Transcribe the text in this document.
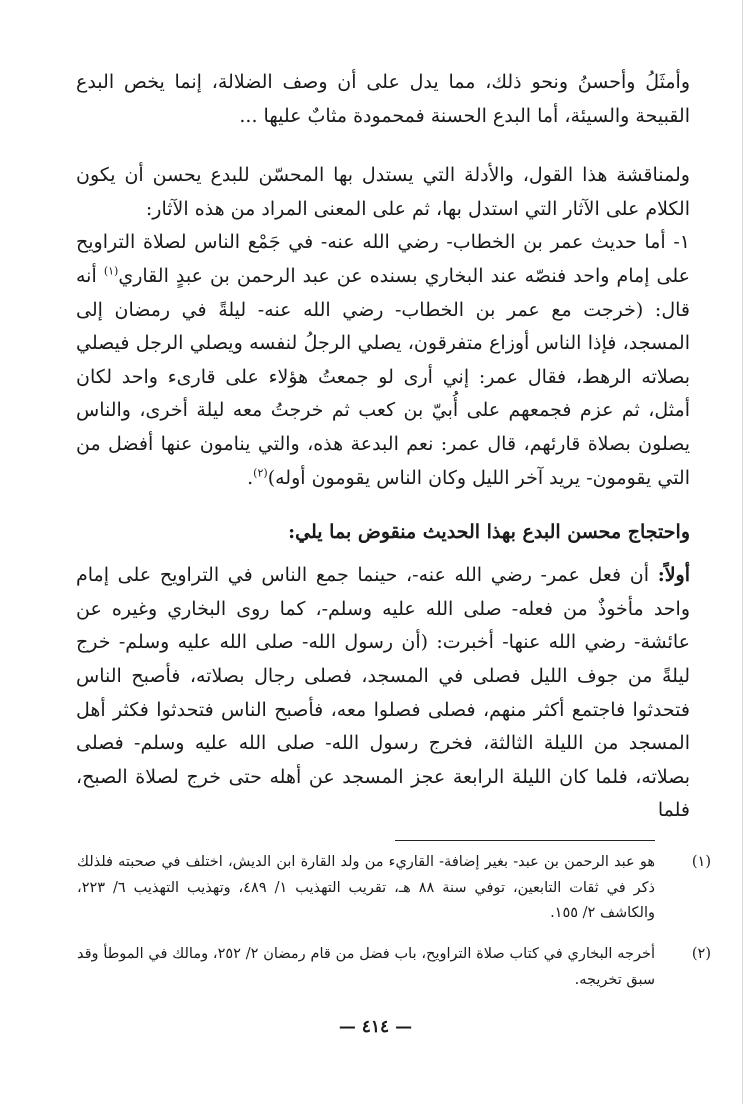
وأمثَلُ وأحسنُ ونحو ذلك، مما يدل على أن وصف الضلالة، إنما يخص البدع القبيحة والسيئة، أما البدع الحسنة فمحمودة مثابٌ عليها ...

ولمناقشة هذا القول، والأدلة التي يستدل بها المحسّن للبدع يحسن أن يكون الكلام على الآثار التي استدل بها، ثم على المعنى المراد من هذه الآثار:

١- أما حديث عمر بن الخطاب- رضي الله عنه- في جَمْع الناس لصلاة التراويح على إمام واحد فنصّه عند البخاري بسنده عن عبد الرحمن بن عبدٍ القاري$^{(١)}$ أنه قال: (خرجت مع عمر بن الخطاب- رضي الله عنه- ليلةً في رمضان إلى المسجد، فإذا الناس أوزاع متفرقون، يصلي الرجلُ لنفسه ويصلي الرجل فيصلي بصلاته الرهط، فقال عمر: إني أرى لو جمعتُ هؤلاء على قارىء واحد لكان أمثل، ثم عزم فجمعهم على أُبيّ بن كعب ثم خرجتُ معه ليلة أخرى، والناس يصلون بصلاة قارئهم، قال عمر: نعم البدعة هذه، والتي ينامون عنها أفضل من التي يقومون- يريد آخر الليل وكان الناس يقومون أوله)$^{(٢)}$.

واحتجاج محسن البدع بهذا الحديث منقوض بما يلي:

أولاً: أن فعل عمر- رضي الله عنه-، حينما جمع الناس في التراويح على إمام واحد مأخوذٌ من فعله- صلى الله عليه وسلم-، كما روى البخاري وغيره عن عائشة- رضي الله عنها- أخبرت: (أن رسول الله- صلى الله عليه وسلم- خرج ليلةً من جوف الليل فصلى في المسجد، فصلى رجال بصلاته، فأصبح الناس فتحدثوا فاجتمع أكثر منهم، فصلى فصلوا معه، فأصبح الناس فتحدثوا فكثر أهل المسجد من الليلة الثالثة، فخرج رسول الله- صلى الله عليه وسلم- فصلى بصلاته، فلما كان الليلة الرابعة عجز المسجد عن أهله حتى خرج لصلاة الصبح، فلما

(١)
هو عبد الرحمن بن عبد- بغير إضافة- القاريء من ولد القارة ابن الديش، اختلف في صحبته فلذلك ذكر في ثقات التابعين، توفي سنة ٨٨ هـ، تقريب التهذيب ١/ ٤٨٩، وتهذيب التهذيب ٦/ ٢٢٣، والكاشف ٢/ ١٥٥.
(٢)
أخرجه البخاري في كتاب صلاة التراويح، باب فضل من قام رمضان ٢/ ٢٥٢، ومالك في الموطأ وقد سبق تخريجه.
— ٤١٤ —
